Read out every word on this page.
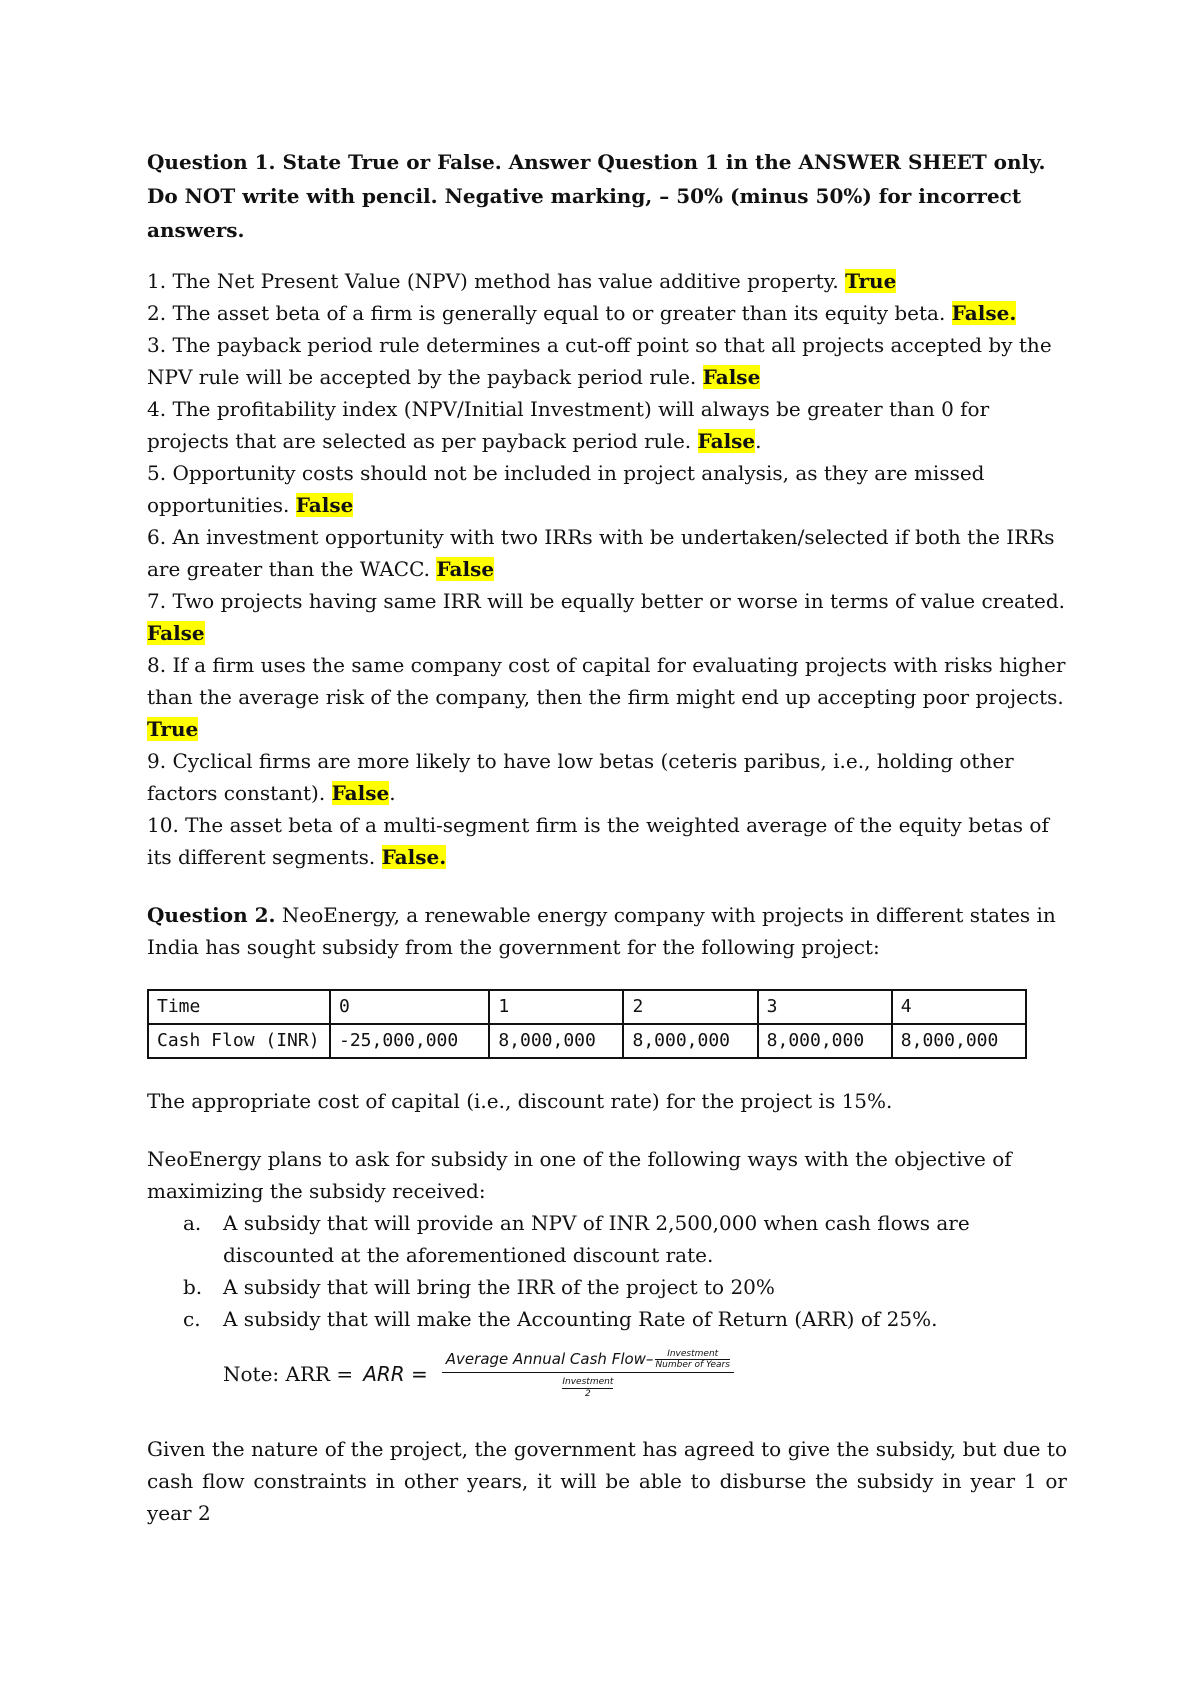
Question 1. State True or False. Answer Question 1 in the ANSWER SHEET only. Do NOT write with pencil. Negative marking, – 50% (minus 50%) for incorrect answers.

1. The Net Present Value (NPV) method has value additive property. True
2. The asset beta of a firm is generally equal to or greater than its equity beta. False.
3. The payback period rule determines a cut-off point so that all projects accepted by the NPV rule will be accepted by the payback period rule. False
4. The profitability index (NPV/Initial Investment) will always be greater than 0 for projects that are selected as per payback period rule. False.
5. Opportunity costs should not be included in project analysis, as they are missed opportunities. False
6. An investment opportunity with two IRRs with be undertaken/selected if both the IRRs are greater than the WACC. False
7. Two projects having same IRR will be equally better or worse in terms of value created. False
8. If a firm uses the same company cost of capital for evaluating projects with risks higher than the average risk of the company, then the firm might end up accepting poor projects. True
9. Cyclical firms are more likely to have low betas (ceteris paribus, i.e., holding other factors constant). False.
10. The asset beta of a multi-segment firm is the weighted average of the equity betas of its different segments. False.
Question 2. NeoEnergy, a renewable energy company with projects in different states in India has sought subsidy from the government for the following project:
Time	0	1	2	3	4
Cash Flow (INR)	-25,000,000	8,000,000	8,000,000	8,000,000	8,000,000
The appropriate cost of capital (i.e., discount rate) for the project is 15%.
NeoEnergy plans to ask for subsidy in one of the following ways with the objective of maximizing the subsidy received:
a.	A subsidy that will provide an NPV of INR 2,500,000 when cash flows are discounted at the aforementioned discount rate.
b.	A subsidy that will bring the IRR of the project to 20%
c.	A subsidy that will make the Accounting Rate of Return (ARR) of 25%.
Note: ARR = ARR =
Average Annual Cash Flow– Investment
Number of Years
Investment
2
Given the nature of the project, the government has agreed to give the subsidy, but due to cash flow constraints in other years, it will be able to disburse the subsidy in year 1 or year 2
